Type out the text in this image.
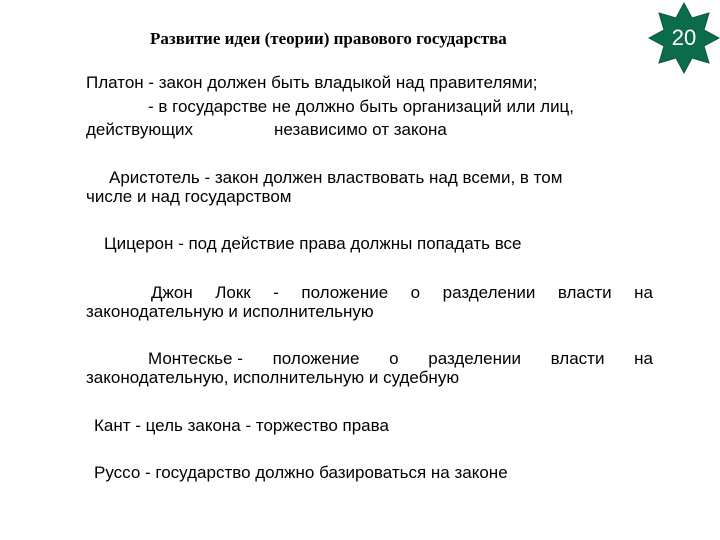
Развитие идеи (теории) правового государства	20
Платон - закон должен быть владыкой над правителями;
- в государстве не должно быть организаций или лиц,
действующих	независимо от закона
Аристотель - закон должен властвовать над всеми, в том
числе и над государством
Цицерон - под действие права должны попадать все
Джон Локк - положение о разделении власти на
законодательную и исполнительную
Монтескье - положение о разделении власти на
законодательную, исполнительную и судебную
Кант - цель закона - торжество права
Руссо - государство должно базироваться на законе
